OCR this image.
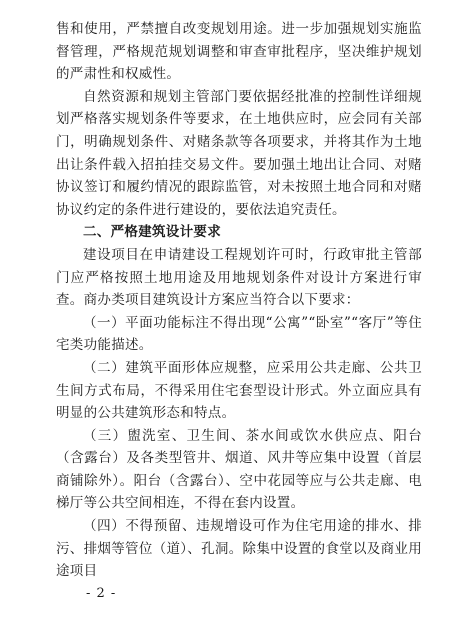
售和使用，严禁擅自改变规划用途。进一步加强规划实施监督管理，严格规范规划调整和审查审批程序，坚决维护规划的严肃性和权威性。

自然资源和规划主管部门要依据经批准的控制性详细规划严格落实规划条件等要求，在土地供应时，应会同有关部门，明确规划条件、对赌条款等各项要求，并将其作为土地出让条件载入招拍挂交易文件。要加强土地出让合同、对赌协议签订和履约情况的跟踪监管，对未按照土地合同和对赌协议约定的条件进行建设的，要依法追究责任。

二、严格建筑设计要求

建设项目在申请建设工程规划许可时，行政审批主管部门应严格按照土地用途及用地规划条件对设计方案进行审查。商办类项目建筑设计方案应当符合以下要求：

（一）平面功能标注不得出现“公寓”“卧室”“客厅”等住宅类功能描述。

（二）建筑平面形体应规整，应采用公共走廊、公共卫生间方式布局，不得采用住宅套型设计形式。外立面应具有明显的公共建筑形态和特点。

（三）盥洗室、卫生间、茶水间或饮水供应点、阳台（含露台）及各类型管井、烟道、风井等应集中设置（首层商铺除外）。阳台（含露台）、空中花园等应与公共走廊、电梯厅等公共空间相连，不得在套内设置。

（四）不得预留、违规增设可作为住宅用途的排水、排污、排烟等管位（道）、孔洞。除集中设置的食堂以及商业用途项目

- 2 -
